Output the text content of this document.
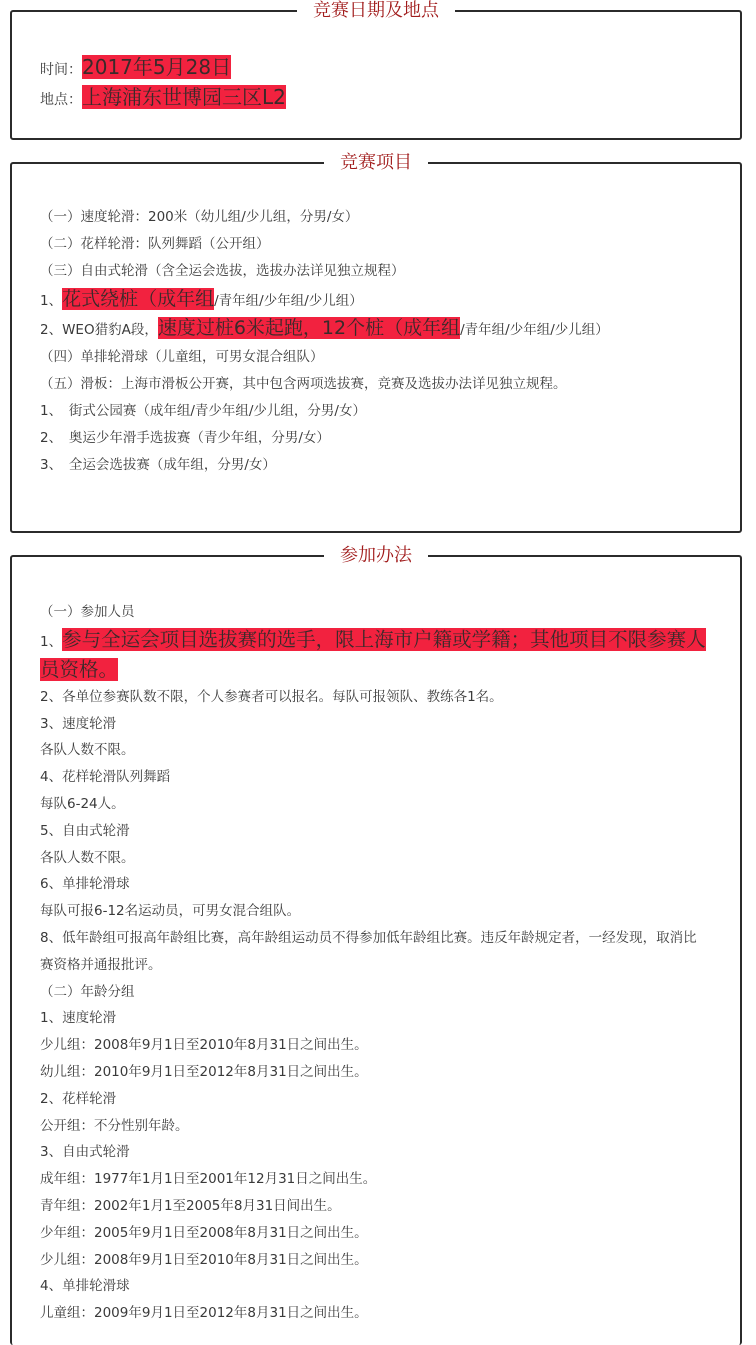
竞赛日期及地点
时间：2017年5月28日
地点：上海浦东世博园三区L2
竞赛项目
（一）速度轮滑：200米（幼儿组/少儿组，分男/女）
（二）花样轮滑：队列舞蹈（公开组）
（三）自由式轮滑（含全运会选拔，选拔办法详见独立规程）
1、花式绕桩（成年组/青年组/少年组/少儿组）
2、WEO猎豹A段，速度过桩6米起跑，12个桩（成年组/青年组/少年组/少儿组）
（四）单排轮滑球（儿童组，可男女混合组队）
（五）滑板：上海市滑板公开赛，其中包含两项选拔赛，竞赛及选拔办法详见独立规程。
1、　街式公园赛（成年组/青少年组/少儿组，分男/女）
2、　奥运少年滑手选拔赛（青少年组，分男/女）
3、　全运会选拔赛（成年组，分男/女）
参加办法
（一）参加人员
1、参与全运会项目选拔赛的选手，限上海市户籍或学籍；其他项目不限参赛人员资格。
2、各单位参赛队数不限，个人参赛者可以报名。每队可报领队、教练各1名。
3、速度轮滑
各队人数不限。
4、花样轮滑队列舞蹈
每队6-24人。
5、自由式轮滑
各队人数不限。
6、单排轮滑球
每队可报6-12名运动员，可男女混合组队。
8、低年龄组可报高年龄组比赛，高年龄组运动员不得参加低年龄组比赛。违反年龄规定者，一经发现，取消比赛资格并通报批评。
（二）年龄分组
1、速度轮滑
少儿组：2008年9月1日至2010年8月31日之间出生。
幼儿组：2010年9月1日至2012年8月31日之间出生。
2、花样轮滑
公开组：不分性别年龄。
3、自由式轮滑
成年组：1977年1月1日至2001年12月31日之间出生。
青年组：2002年1月1至2005年8月31日间出生。
少年组：2005年9月1日至2008年8月31日之间出生。
少儿组：2008年9月1日至2010年8月31日之间出生。
4、单排轮滑球
儿童组：2009年9月1日至2012年8月31日之间出生。
